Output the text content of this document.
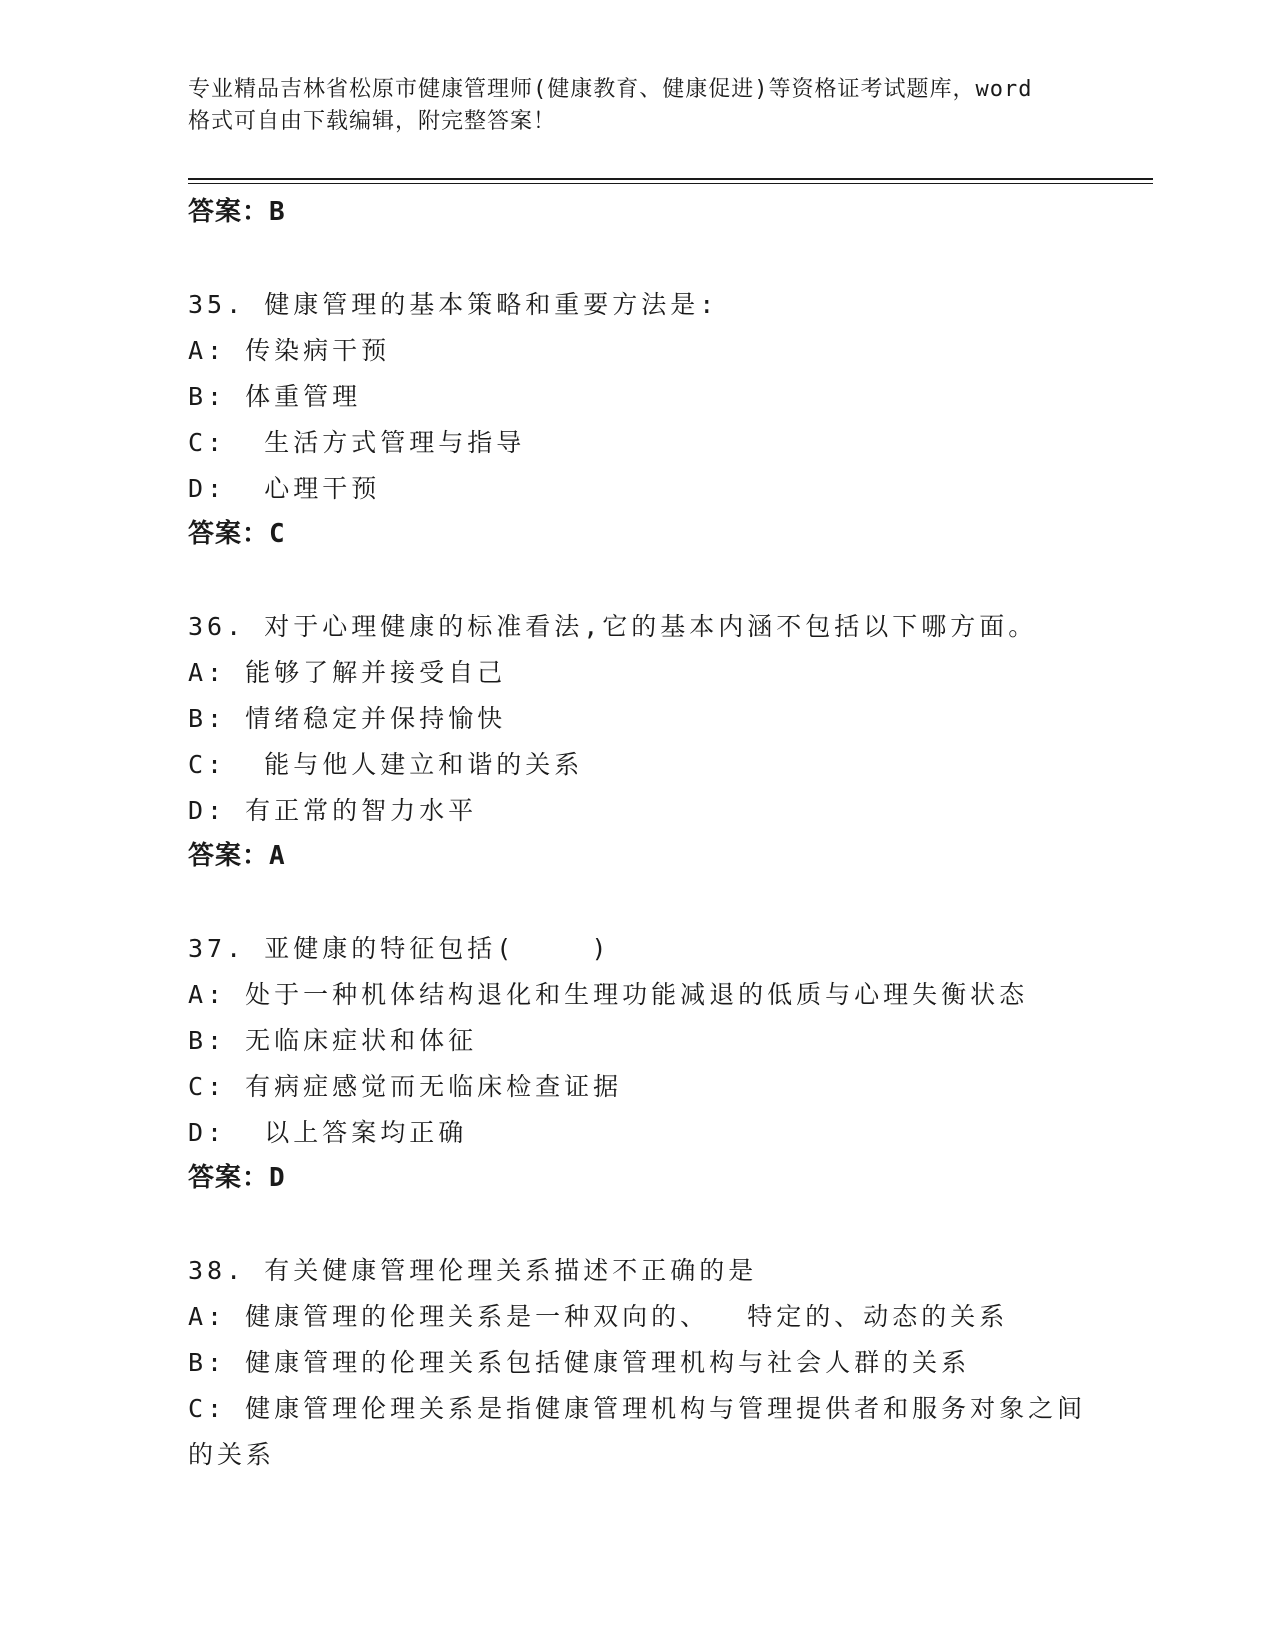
专业精品吉林省松原市健康管理师(健康教育、健康促进)等资格证考试题库，word
格式可自由下载编辑，附完整答案！
答案：B
35. 健康管理的基本策略和重要方法是:
A: 传染病干预
B: 体重管理
C:  生活方式管理与指导
D:  心理干预
答案：C
36. 对于心理健康的标准看法,它的基本内涵不包括以下哪方面。
A: 能够了解并接受自己
B: 情绪稳定并保持愉快
C:  能与他人建立和谐的关系
D: 有正常的智力水平
答案：A
37. 亚健康的特征包括(    )
A: 处于一种机体结构退化和生理功能减退的低质与心理失衡状态
B: 无临床症状和体征
C: 有病症感觉而无临床检查证据
D:  以上答案均正确
答案：D
38. 有关健康管理伦理关系描述不正确的是
A: 健康管理的伦理关系是一种双向的、  特定的、动态的关系
B: 健康管理的伦理关系包括健康管理机构与社会人群的关系
C: 健康管理伦理关系是指健康管理机构与管理提供者和服务对象之间
的关系
